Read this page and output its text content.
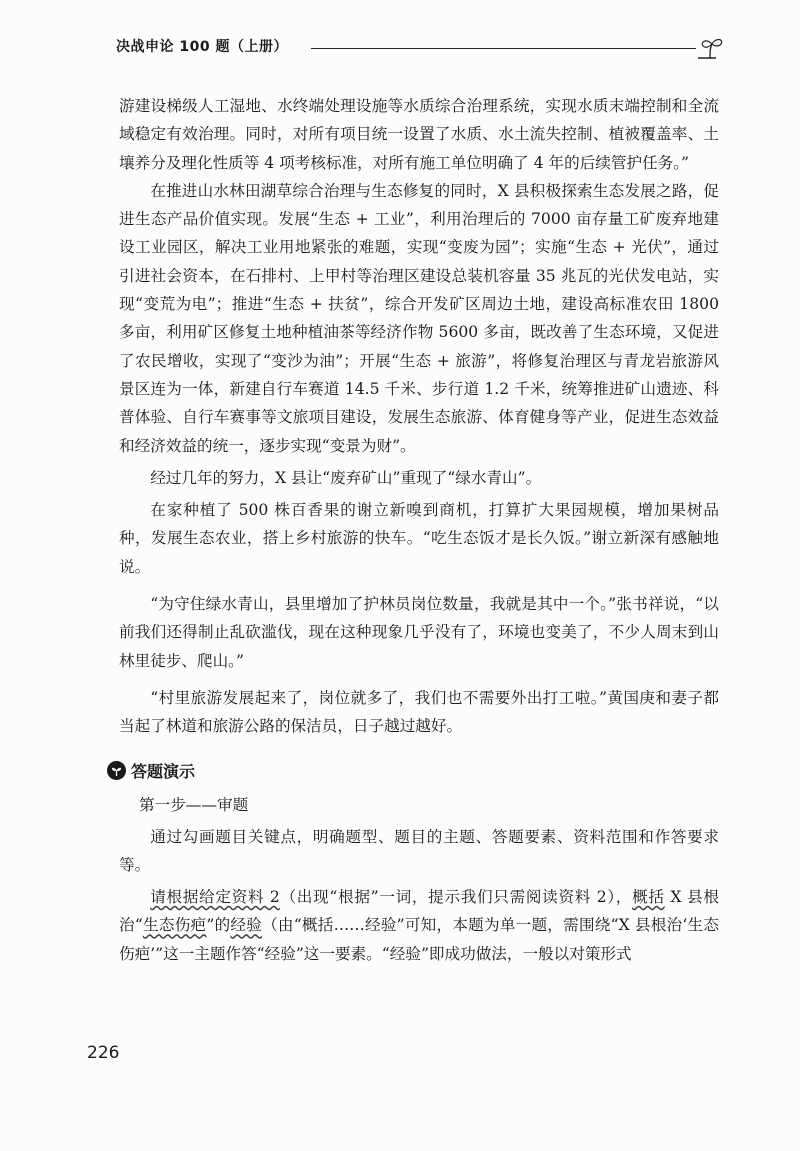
决战申论 100 题（上册）

游建设梯级人工湿地、水终端处理设施等水质综合治理系统，实现水质末端控制和全流域稳定有效治理。同时，对所有项目统一设置了水质、水土流失控制、植被覆盖率、土壤养分及理化性质等 4 项考核标准，对所有施工单位明确了 4 年的后续管护任务。”

在推进山水林田湖草综合治理与生态修复的同时，X 县积极探索生态发展之路，促进生态产品价值实现。发展“生态 + 工业”，利用治理后的 7000 亩存量工矿废弃地建设工业园区，解决工业用地紧张的难题，实现“变废为园”；实施“生态 + 光伏”，通过引进社会资本，在石排村、上甲村等治理区建设总装机容量 35 兆瓦的光伏发电站，实现“变荒为电”；推进“生态 + 扶贫”，综合开发矿区周边土地，建设高标准农田 1800 多亩，利用矿区修复土地种植油茶等经济作物 5600 多亩，既改善了生态环境，又促进了农民增收，实现了“变沙为油”；开展“生态 + 旅游”，将修复治理区与青龙岩旅游风景区连为一体，新建自行车赛道 14.5 千米、步行道 1.2 千米，统筹推进矿山遗迹、科普体验、自行车赛事等文旅项目建设，发展生态旅游、体育健身等产业，促进生态效益和经济效益的统一，逐步实现“变景为财”。

经过几年的努力，X 县让“废弃矿山”重现了“绿水青山”。

在家种植了 500 株百香果的谢立新嗅到商机，打算扩大果园规模，增加果树品种，发展生态农业，搭上乡村旅游的快车。“吃生态饭才是长久饭。”谢立新深有感触地说。

“为守住绿水青山，县里增加了护林员岗位数量，我就是其中一个。”张书祥说，“以前我们还得制止乱砍滥伐，现在这种现象几乎没有了，环境也变美了，不少人周末到山林里徒步、爬山。”

“村里旅游发展起来了，岗位就多了，我们也不需要外出打工啦。”黄国庚和妻子都当起了林道和旅游公路的保洁员，日子越过越好。

答题演示

第一步——审题

通过勾画题目关键点，明确题型、题目的主题、答题要素、资料范围和作答要求等。

请根据给定资料 2（出现“根据”一词，提示我们只需阅读资料 2），概括 X 县根治“生态伤疤”的经验（由“概括……经验”可知，本题为单一题，需围绕“X 县根治‘生态伤疤’”这一主题作答“经验”这一要素。“经验”即成功做法，一般以对策形式

226
